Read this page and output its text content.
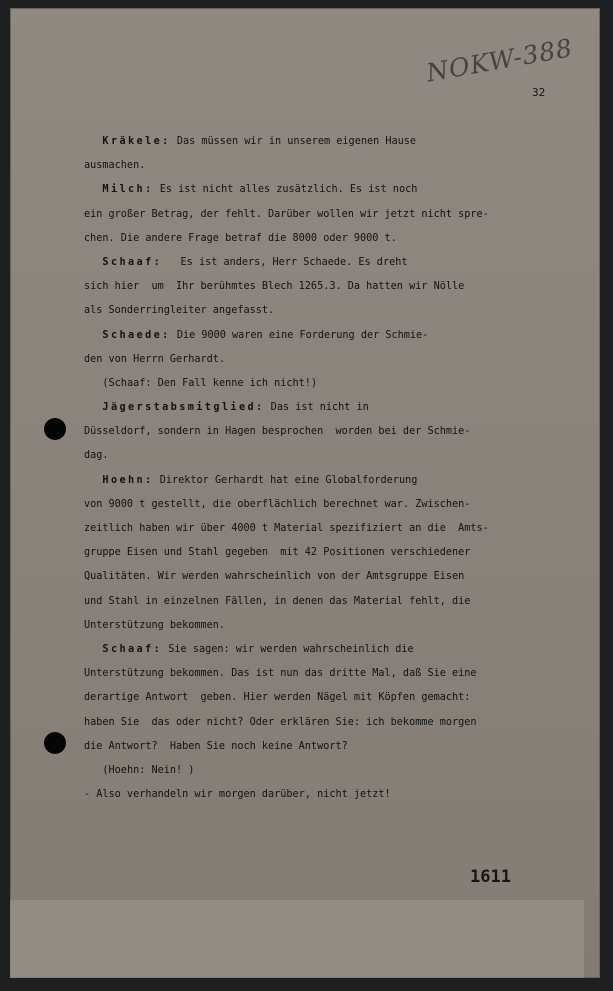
NOKW-388
32
Kräkele: Das müssen wir in unserem eigenen Hause
ausmachen.
Milch: Es ist nicht alles zusätzlich. Es ist noch
ein großer Betrag, der fehlt. Darüber wollen wir jetzt nicht spre-
chen. Die andere Frage betraf die 8000 oder 9000 t.
Schaaf:   Es ist anders, Herr Schaede. Es dreht
sich hier  um  Ihr berühmtes Blech 1265.3. Da hatten wir Nölle
als Sonderringleiter angefasst.
Schaede: Die 9000 waren eine Forderung der Schmie-
den von Herrn Gerhardt.
(Schaaf: Den Fall kenne ich nicht!)
Jägerstabsmitglied: Das ist nicht in
Düsseldorf, sondern in Hagen besprochen  worden bei der Schmie-
dag.
Hoehn: Direktor Gerhardt hat eine Globalforderung
von 9000 t gestellt, die oberflächlich berechnet war. Zwischen-
zeitlich haben wir über 4000 t Material spezifiziert an die  Amts-
gruppe Eisen und Stahl gegeben  mit 42 Positionen verschiedener
Qualitäten. Wir werden wahrscheinlich von der Amtsgruppe Eisen
und Stahl in einzelnen Fällen, in denen das Material fehlt, die
Unterstützung bekommen.
Schaaf: Sie sagen: wir werden wahrscheinlich die
Unterstützung bekommen. Das ist nun das dritte Mal, daß Sie eine
derartige Antwort  geben. Hier werden Nägel mit Köpfen gemacht:
haben Sie  das oder nicht? Oder erklären Sie: ich bekomme morgen
die Antwort?  Haben Sie noch keine Antwort?
(Hoehn: Nein! )
- Also verhandeln wir morgen darüber, nicht jetzt!
1611
